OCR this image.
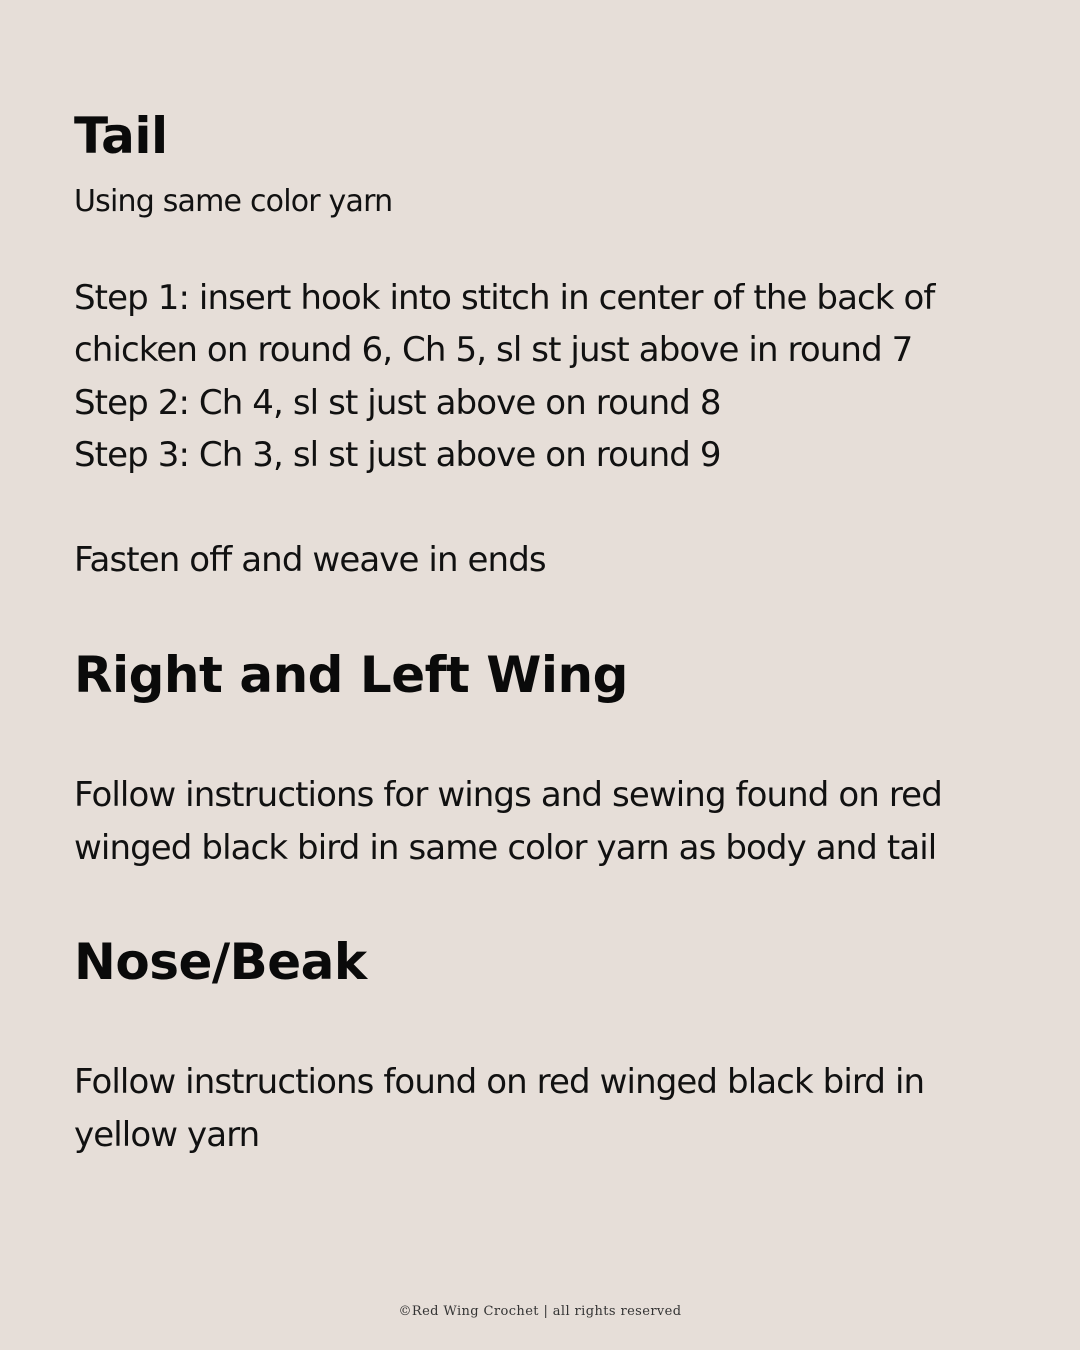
Tail

Using same color yarn

Step 1: insert hook into stitch in center of the back of

chicken on round 6, Ch 5, sl st just above in round 7

Step 2: Ch 4, sl st just above on round 8

Step 3: Ch 3, sl st just above on round 9

Fasten off and weave in ends

Right and Left Wing

Follow instructions for wings and sewing found on red

winged black bird in same color yarn as body and tail

Nose/Beak

Follow instructions found on red winged black bird in

yellow yarn

©Red Wing Crochet | all rights reserved
